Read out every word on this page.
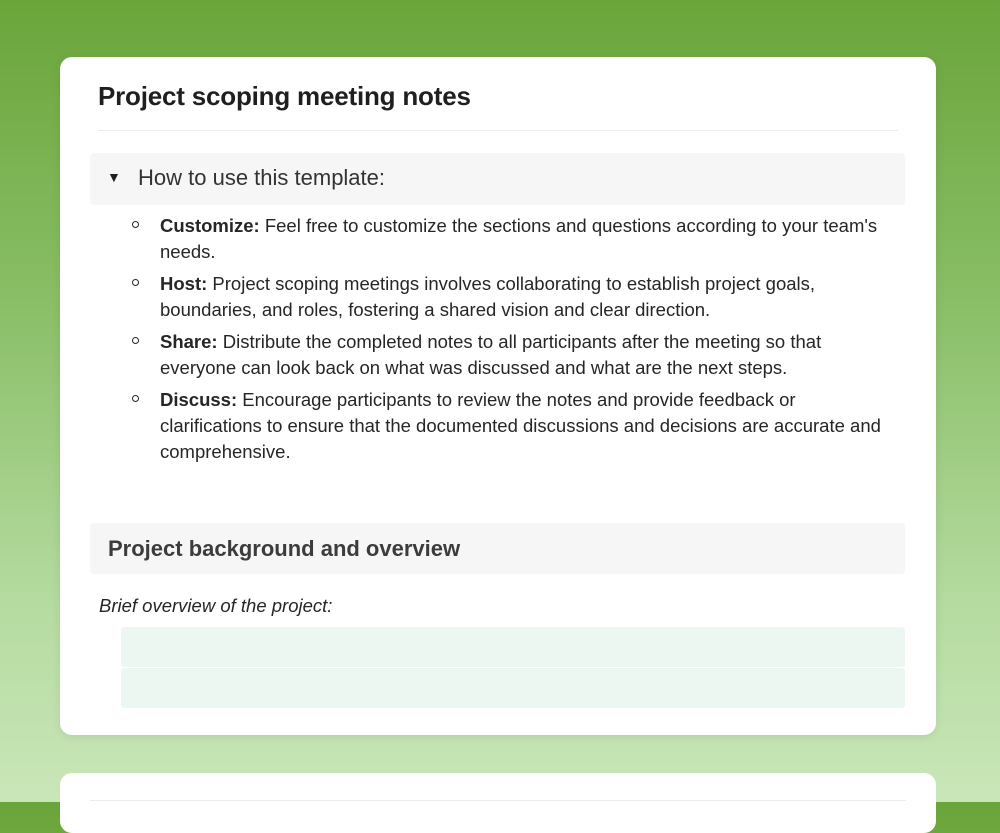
Project scoping meeting notes
▼ How to use this template:
Customize: Feel free to customize the sections and questions according to your team's needs.
Host: Project scoping meetings involves collaborating to establish project goals, boundaries, and roles, fostering a shared vision and clear direction.
Share: Distribute the completed notes to all participants after the meeting so that everyone can look back on what was discussed and what are the next steps.
Discuss: Encourage participants to review the notes and provide feedback or clarifications to ensure that the documented discussions and decisions are accurate and comprehensive.
Project background and overview
Brief overview of the project:
